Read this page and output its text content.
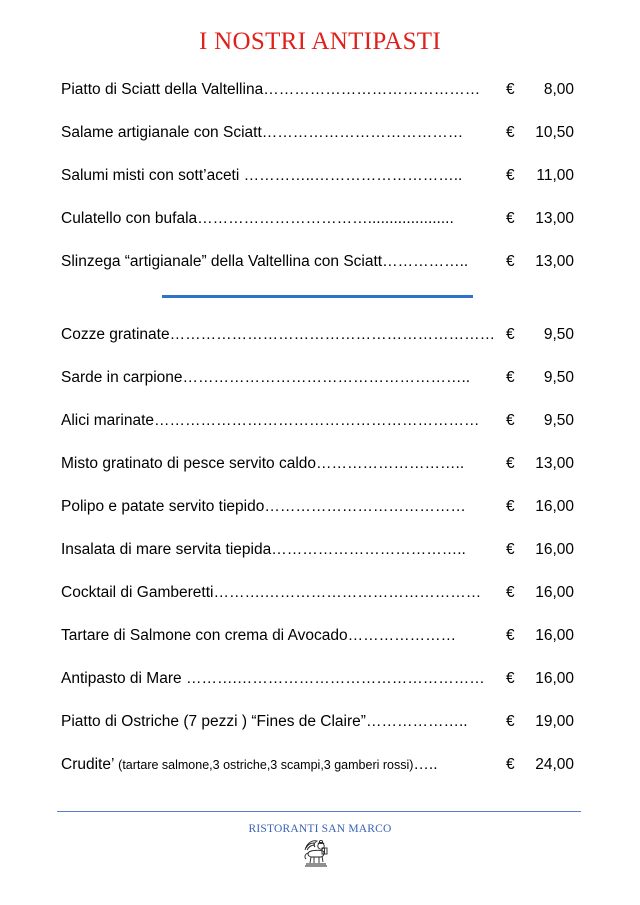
I NOSTRI ANTIPASTI
Piatto di Sciatt della Valtellina…………………………………… € 8,00
Salame artigianale con Sciatt…………………………………	€ 10,50
Salumi misti con sott’aceti …………..………………………..	€ 11,00
Culatello con bufala……………………………....................	€ 13,00
Slinzega “artigianale” della Valtellina con Sciatt…………….. € 13,00
Cozze gratinate……………………………………………………… € 9,50
Sarde in carpione……………………………………………….. € 9,50
Alici marinate……………………………………………………… € 9,50
Misto gratinato di pesce servito caldo………………………..	€ 13,00
Polipo e patate servito tiepido…………………………………	€ 16,00
Insalata di mare servita tiepida………………………………..	€ 16,00
Cocktail di Gamberetti……….…………………………………… € 16,00
Tartare di Salmone con crema di Avocado…………………	€ 16,00
Antipasto di Mare ……….………………………………………… € 16,00
Piatto di Ostriche (7 pezzi ) “Fines de Claire”……………….. € 19,00
Crudite’ (tartare salmone,3 ostriche,3 scampi,3 gamberi rossi)…..	€ 24,00
RISTORANTI SAN MARCO
